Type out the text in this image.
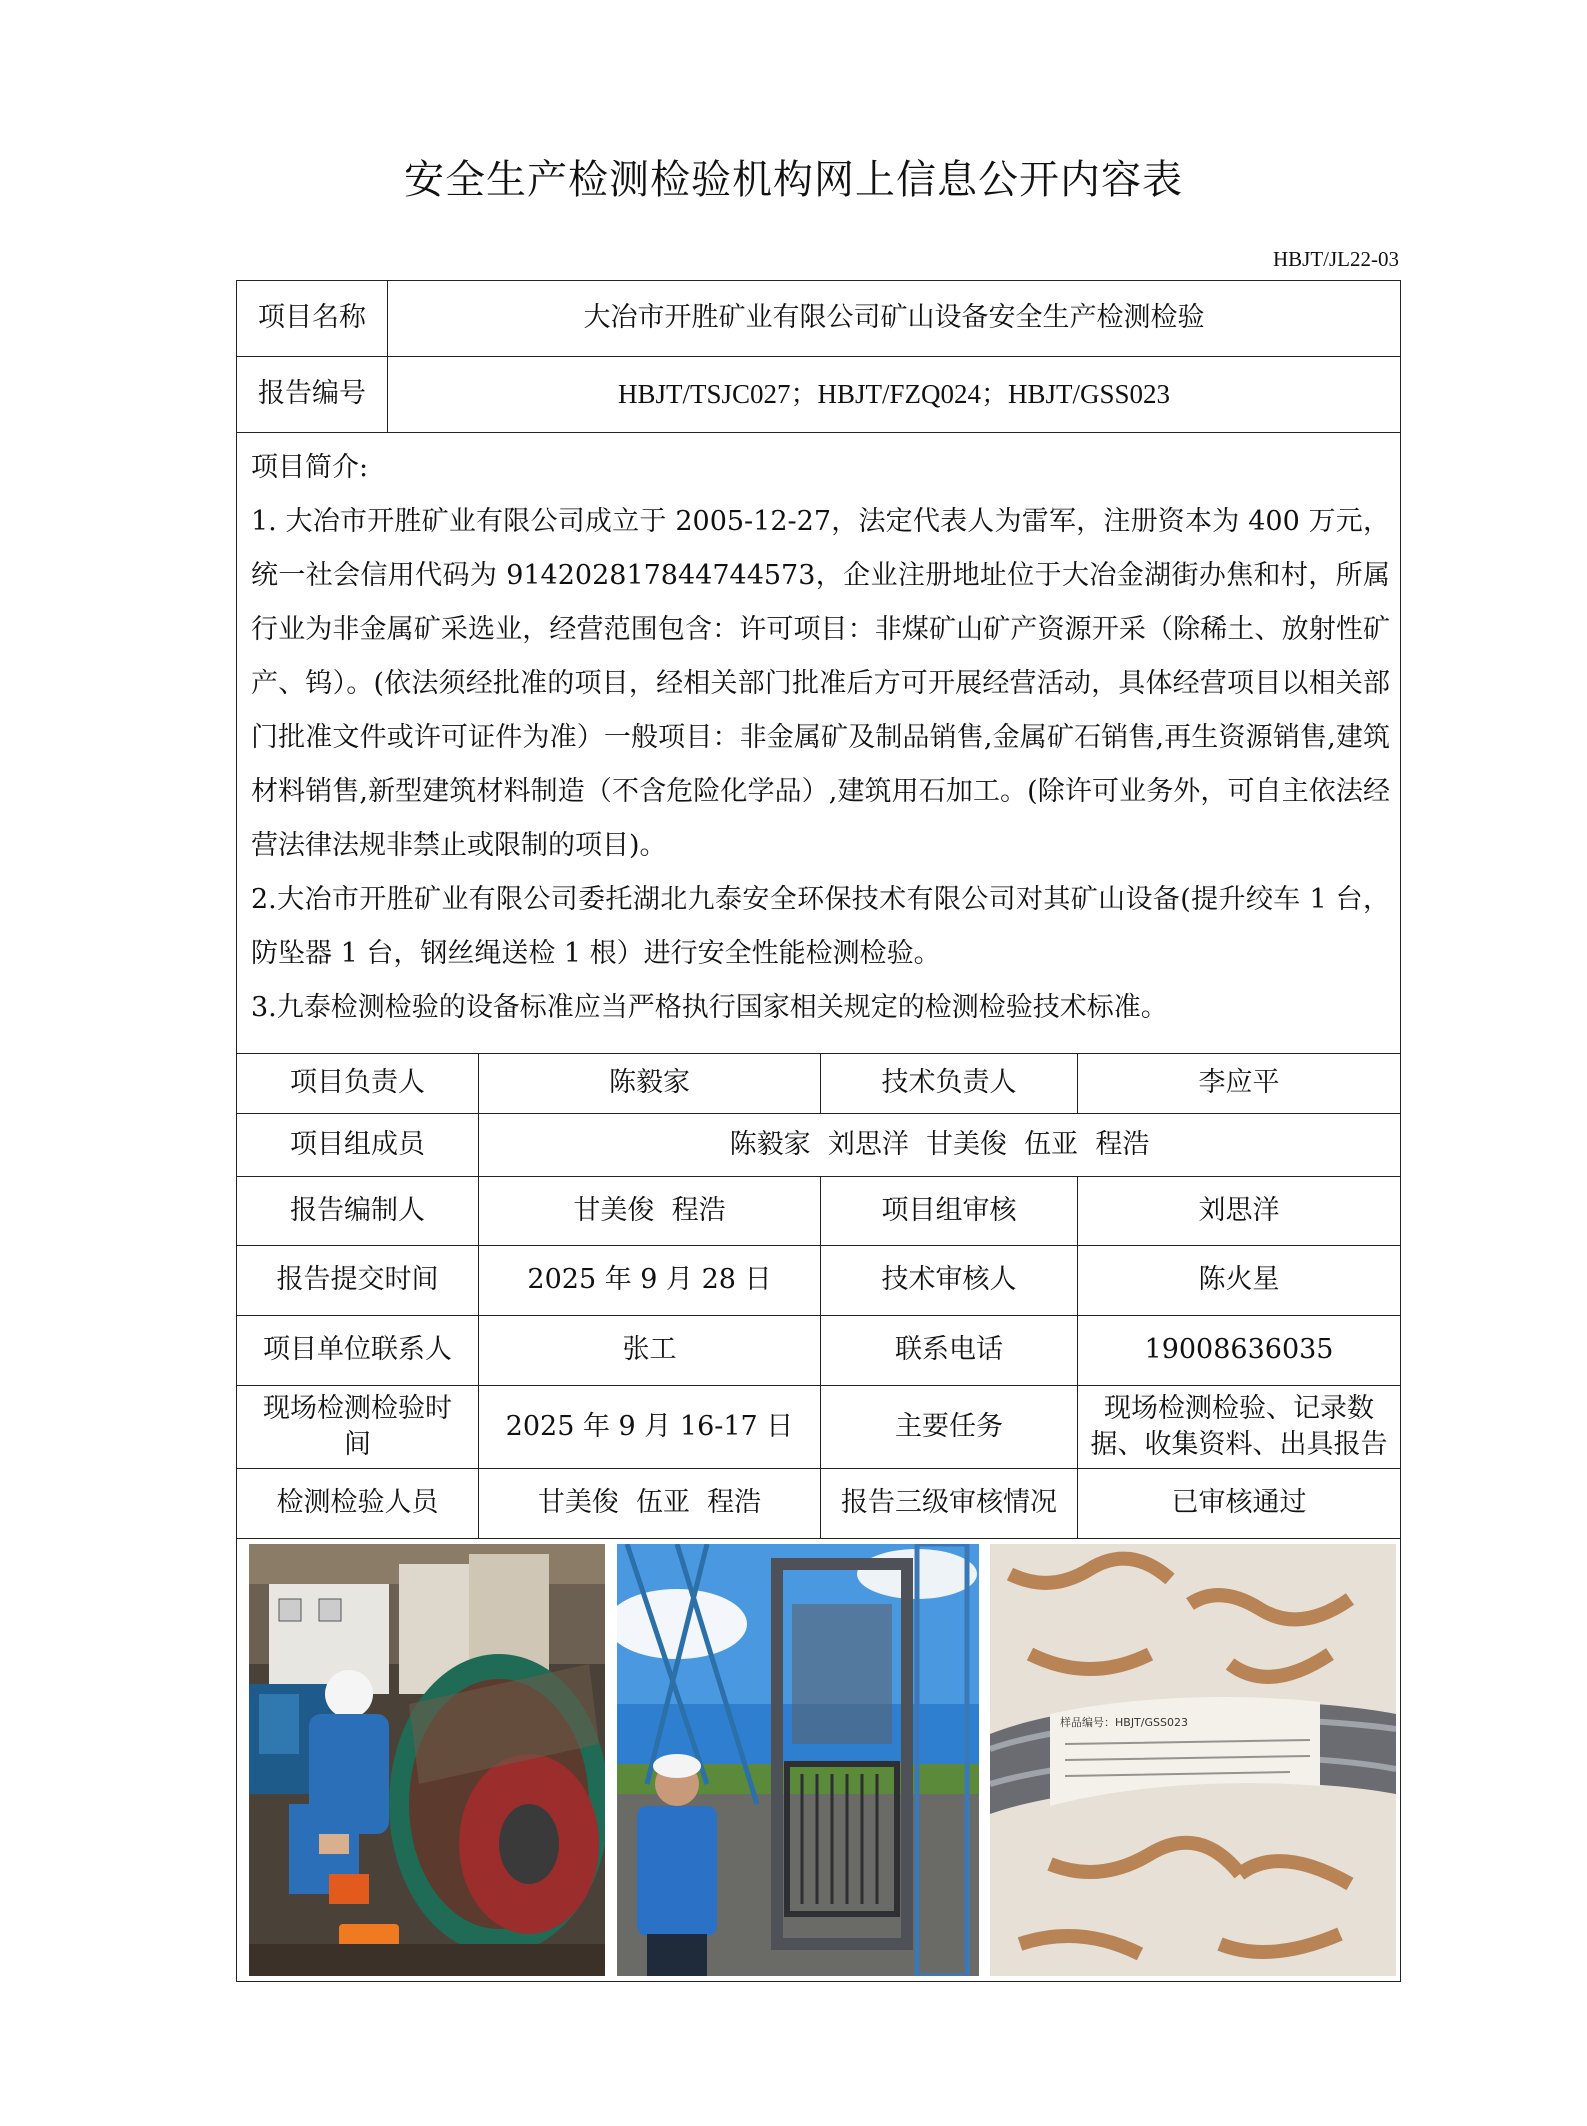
安全生产检测检验机构网上信息公开内容表
HBJT/JL22-03
项目名称	大冶市开胜矿业有限公司矿山设备安全生产检测检验			
报告编号	HBJT/TSJC027；HBJT/FZQ024；HBJT/GSS023			

项目简介:

1. 大冶市开胜矿业有限公司成立于 2005-12-27，法定代表人为雷军，注册资本为 400 万元，统一社会信用代码为 914202817844744573，企业注册地址位于大冶金湖街办焦和村，所属行业为非金属矿采选业，经营范围包含：许可项目：非煤矿山矿产资源开采（除稀土、放射性矿产、钨）。(依法须经批准的项目，经相关部门批准后方可开展经营活动，具体经营项目以相关部门批准文件或许可证件为准）一般项目：非金属矿及制品销售,金属矿石销售,再生资源销售,建筑材料销售,新型建筑材料制造（不含危险化学品）,建筑用石加工。(除许可业务外，可自主依法经营法律法规非禁止或限制的项目)。

2.大冶市开胜矿业有限公司委托湖北九泰安全环保技术有限公司对其矿山设备(提升绞车 1 台，防坠器 1 台，钢丝绳送检 1 根）进行安全性能检测检验。

3.九泰检测检验的设备标准应当严格执行国家相关规定的检测检验技术标准。				

项目负责人		陈毅家	技术负责人	李应平
项目组成员		陈毅家  刘思洋  甘美俊  伍亚  程浩		
报告编制人		甘美俊  程浩	项目组审核	刘思洋
报告提交时间		2025 年 9 月 28 日	技术审核人	陈火星
项目单位联系人		张工	联系电话	19008636035
现场检测检验时间		2025 年 9 月 16-17 日	主要任务	现场检测检验、记录数据、收集资料、出具报告
检测检验人员		甘美俊  伍亚  程浩	报告三级审核情况	已审核通过

样品编号：HBJT/GSS023				
